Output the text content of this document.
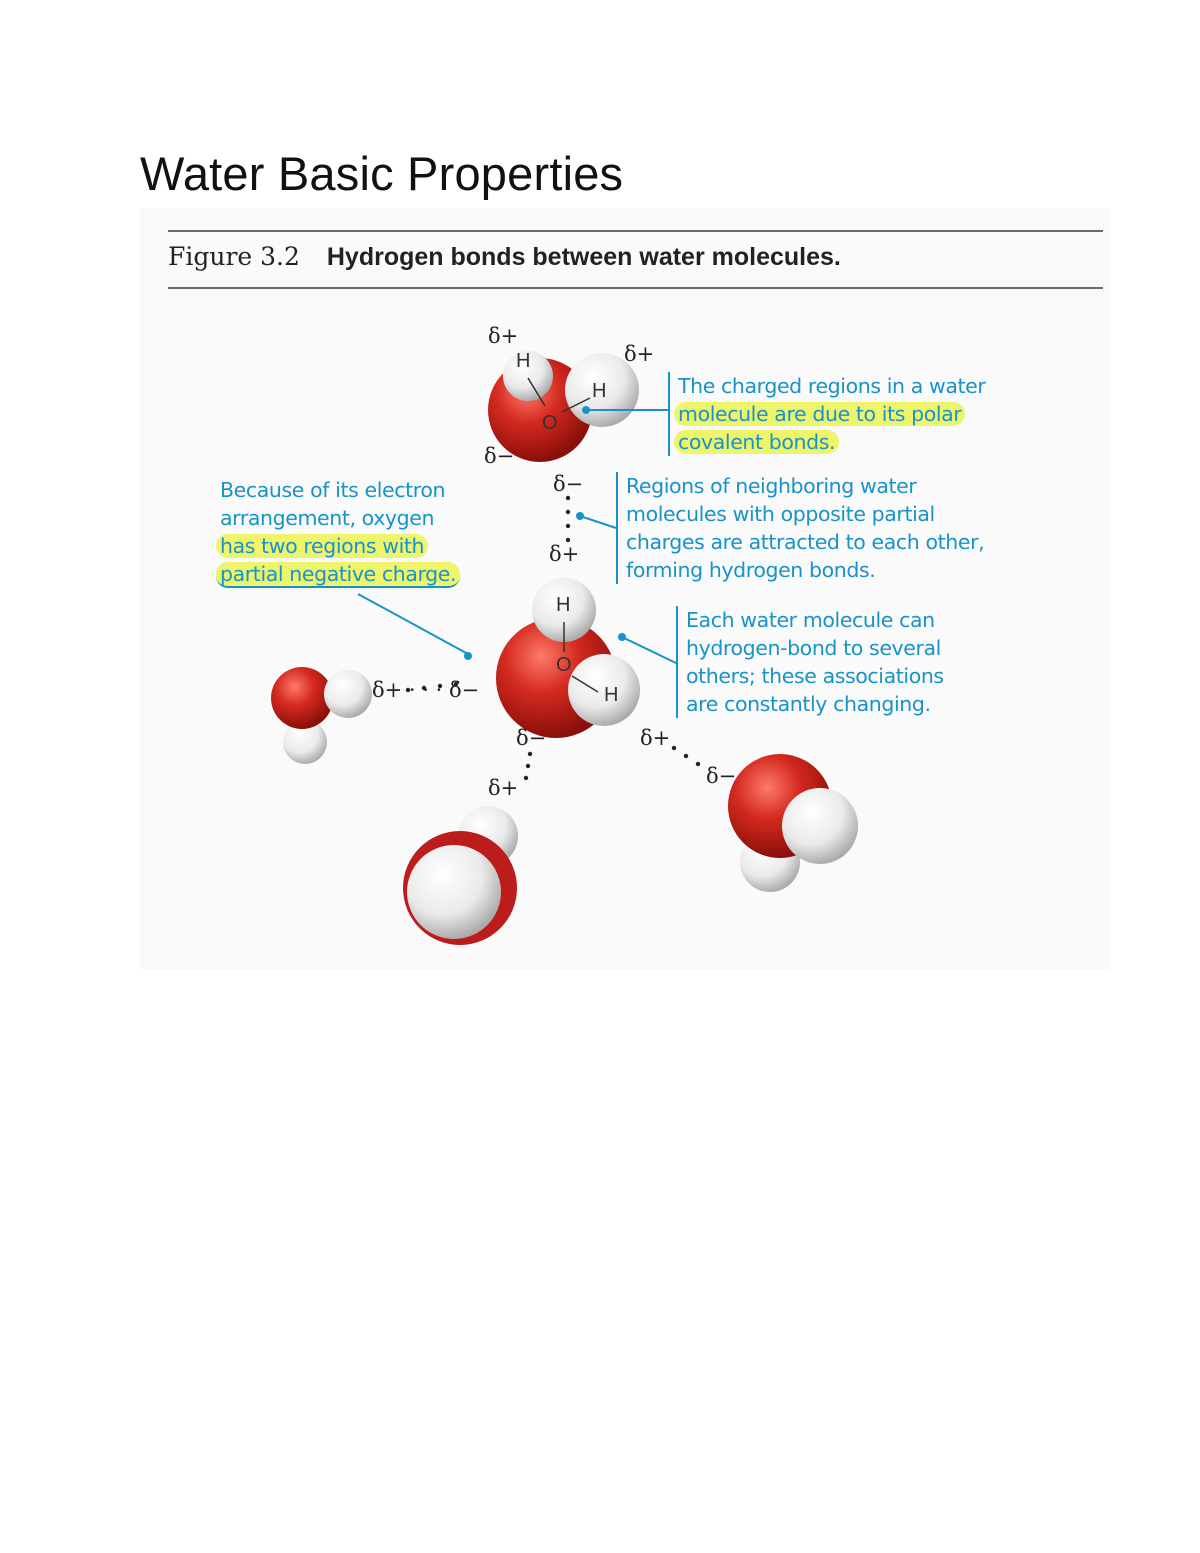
Water Basic Properties
Figure 3.2 Hydrogen bonds between water molecules.
H
O
H
H
O
H
δ+
δ+
δ−
δ−
δ+
δ+ · · · δ−
δ−	δ+
δ+	δ−
The charged regions in a water
molecule are due to its polar
covalent bonds.
Regions of neighboring water
molecules with opposite partial
charges are attracted to each other,
forming hydrogen bonds.
Because of its electron
arrangement, oxygen
has two regions with
partial negative charge.
Each water molecule can
hydrogen-bond to several
others; these associations
are constantly changing.
